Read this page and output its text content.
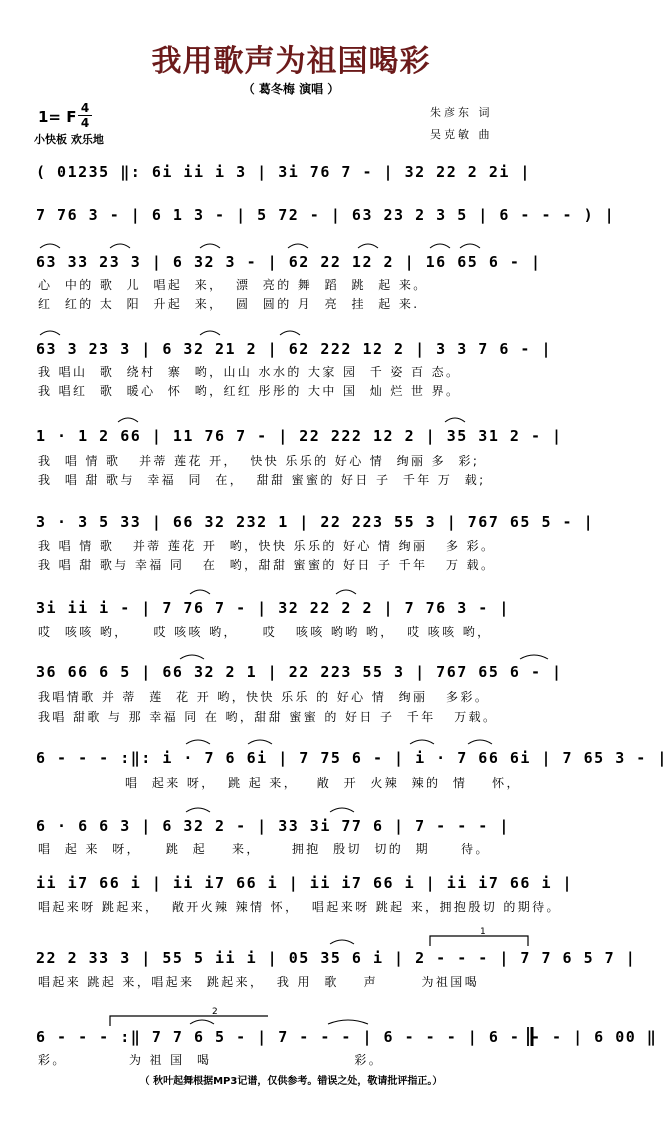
我用歌声为祖国喝彩
（ 葛冬梅 演唱 ）
1= F 4
4
小快板 欢乐地
朱彦东 词
吴克敏 曲
( 01235 ‖: 6i ii i 3 | 3i 76 7 - | 32 22 2 2i |
7 76 3 - | 6 1 3 - | 5 72 - | 63 23 2 3 5 | 6 - - - ) |
63 33 23 3 | 6 32 3 - | 62 22 12 2 | 16 65 6 - |
心  中的 歌  儿  唱起  来，  漂  亮的 舞  蹈  跳  起 来。
红  红的 太  阳  升起  来，  圆  圆的 月  亮  挂  起 来.
63 3 23 3 | 6 32 21 2 | 62 222 12 2 | 3 3 7 6 - |
我 唱山  歌  绕村  寨  哟，山山 水水的 大家 园  千 姿 百 态。
我 唱红  歌  暖心  怀  哟，红红 彤彤的 大中 国  灿 烂 世 界。
1 · 1 2 66 | 11 76 7 - | 22 222 12 2 | 35 31 2 - |
我  唱 情 歌   并蒂 莲花 开，  快快 乐乐的 好心 情  绚丽 多  彩;
我  唱 甜 歌与  幸福  同  在，  甜甜 蜜蜜的 好日 子  千年 万  载;
3 · 3 5 33 | 66 32 232 1 | 22 223 55 3 | 767 65 5 - |
我 唱 情 歌   并蒂 莲花 开  哟，快快 乐乐的 好心 情 绚丽   多 彩。
我 唱 甜 歌与 幸福 同   在  哟，甜甜 蜜蜜的 好日 子 千年   万 载。
3i ii i - | 7 76 7 - | 32 22 2 2 | 7 76 3 - |
哎  咳咳 哟，    哎 咳咳 哟，    哎   咳咳 哟哟 哟，  哎 咳咳 哟，
36 66 6 5 | 66 32 2 1 | 22 223 55 3 | 767 65 6 - |
我唱情歌 并 蒂  莲  花 开 哟，快快 乐乐 的 好心 情  绚丽   多彩。
我唱 甜歌 与 那 幸福 同 在 哟，甜甜 蜜蜜 的 好日 子  千年   万载。
6 - - - :‖: i · 7 6 6i | 7 75 6 - | i · 7 66 6i | 7 65 3 - |
唱  起来 呀，  跳 起 来，   敞  开  火辣  辣的  情    怀，
6 · 6 6 3 | 6 32 2 - | 33 3i 77 6 | 7 - - - |
唱  起 来  呀，    跳  起    来，     拥抱  殷切  切的  期     待。
ii i7 66 i | ii i7 66 i | ii i7 66 i | ii i7 66 i |
唱起来呀 跳起来，  敞开火辣 辣情 怀，  唱起来呀 跳起 来，拥抱殷切 的期待。
22 2 33 3 | 55 5 ii i | 05 35 6 i | 2 - - - | 7 7 6 5 7 |
唱起来 跳起 来，唱起来  跳起来，  我 用  歌    声       为祖国喝
6 - - - :‖ 7 7 6 5 - | 7 - - - | 6 - - - | 6 - - - | 6 00 ‖
彩。          为 祖 国  喝                       彩。
（ 秋叶起舞根据MP3记谱，仅供参考。错误之处，敬请批评指正。）
1
2
